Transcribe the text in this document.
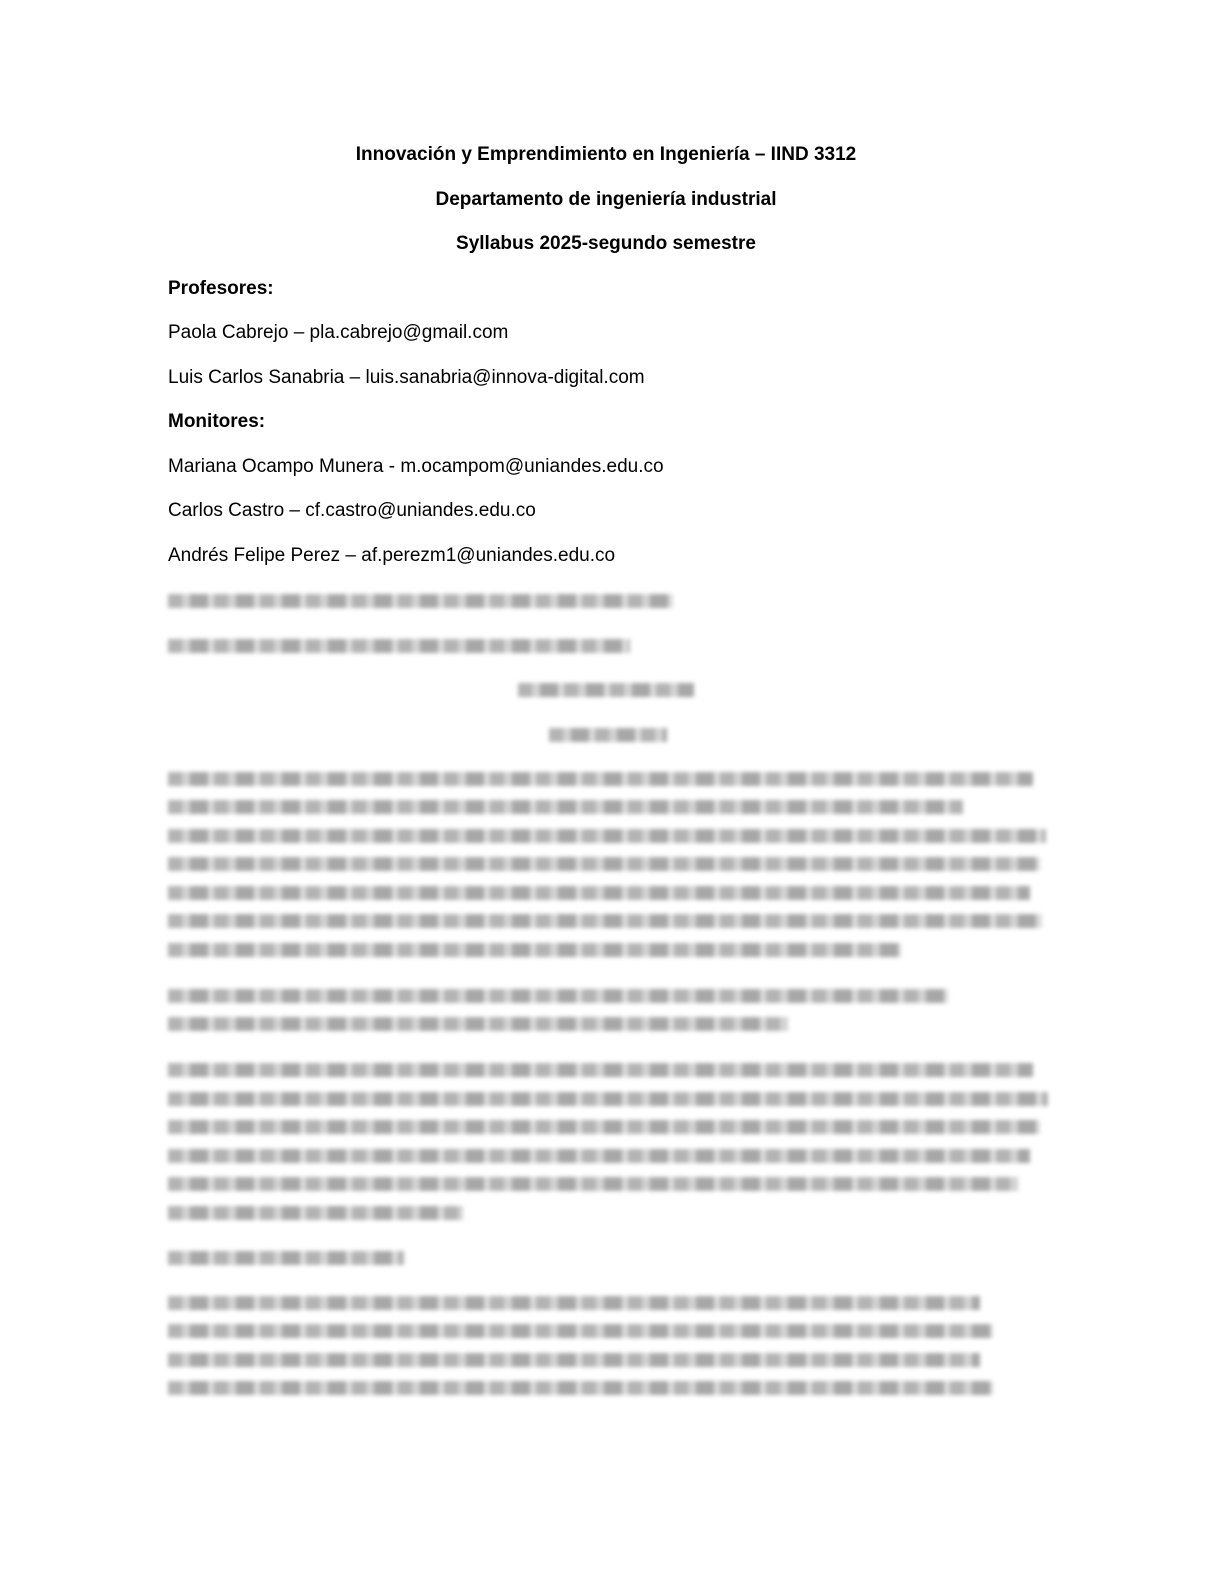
Innovación y Emprendimiento en Ingeniería – IIND 3312
Departamento de ingeniería industrial
Syllabus 2025-segundo semestre
Profesores:
Paola Cabrejo – pla.cabrejo@gmail.com
Luis Carlos Sanabria – luis.sanabria@innova-digital.com
Monitores:
Mariana Ocampo Munera - m.ocampom@uniandes.edu.co
Carlos Castro – cf.castro@uniandes.edu.co
Andrés Felipe Perez – af.perezm1@uniandes.edu.co
